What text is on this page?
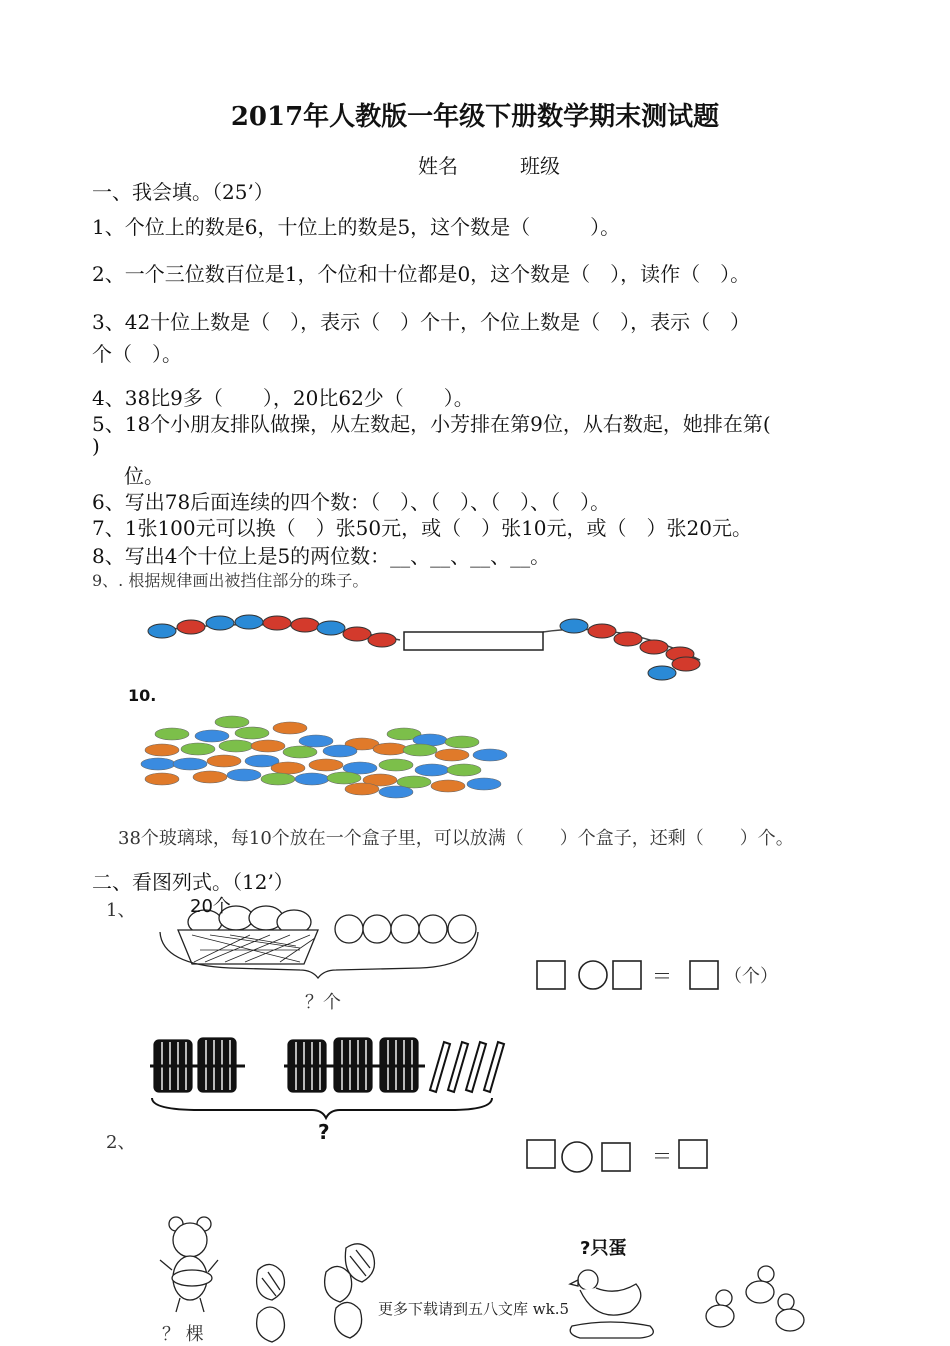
2017年人教版一年级下册数学期末测试题
姓名	班级
一、我会填。（25’）
1、个位上的数是6，十位上的数是5，这个数是（　　　）。
2、一个三位数百位是1，个位和十位都是0，这个数是（　），读作（　）。
3、42十位上数是（　），表示（　）个十，个位上数是（　），表示（　）
个（　）。
4、38比9多（　　），20比62少（　　）。
5、18个小朋友排队做操，从左数起，小芳排在第9位，从右数起，她排在第(
)
位。
6、写出78后面连续的四个数：（　）、（　）、（　）、（　）。
7、1张100元可以换（　）张50元，或（　）张10元，或（　）张20元。
8、写出4个十位上是5的两位数：__、__、__、__。
9、. 根据规律画出被挡住部分的珠子。
10.
38个玻璃球，每10个放在一个盒子里，可以放满（　　）个盒子，还剩（　　）个。
二、看图列式。（12’）
1、	20个
？个
＝	（个）
?
2、
＝
?只蛋
？ 棵
更多下载请到五八文库 wk.5
